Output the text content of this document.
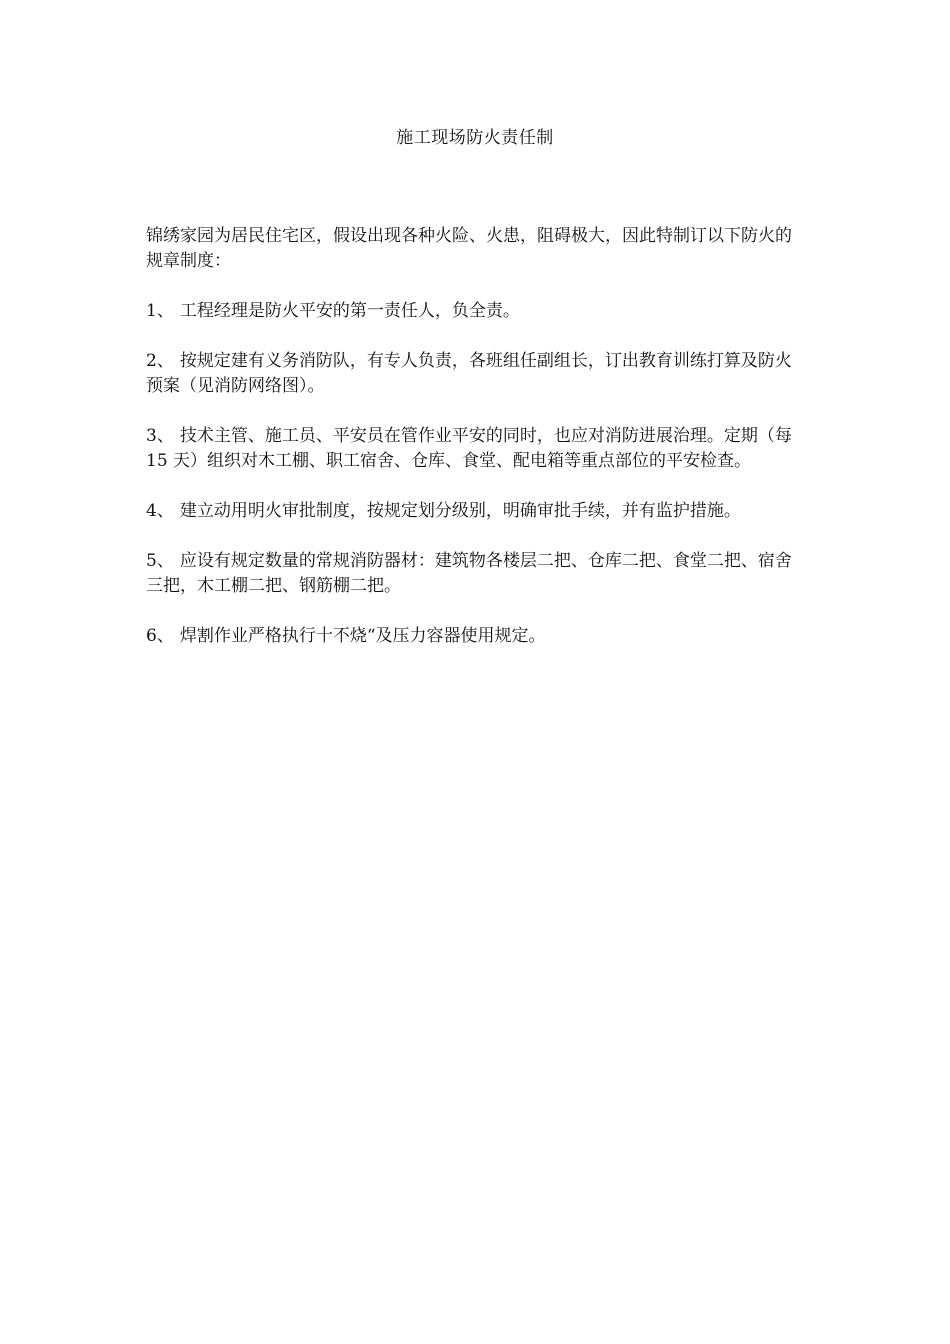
施工现场防火责任制

锦绣家园为居民住宅区，假设出现各种火险、火患，阻碍极大，因此特制订以下防火的规章制度：

1、 工程经理是防火平安的第一责任人，负全责。

2、 按规定建有义务消防队，有专人负责，各班组任副组长，订出教育训练打算及防火预案（见消防网络图）。

3、 技术主管、施工员、平安员在管作业平安的同时，也应对消防进展治理。定期（每 15 天）组织对木工棚、职工宿舍、仓库、食堂、配电箱等重点部位的平安检查。

4、 建立动用明火审批制度，按规定划分级别，明确审批手续，并有监护措施。

5、 应设有规定数量的常规消防器材：建筑物各楼层二把、仓库二把、食堂二把、宿舍三把，木工棚二把、钢筋棚二把。

6、 焊割作业严格执行十不烧“及压力容器使用规定。
